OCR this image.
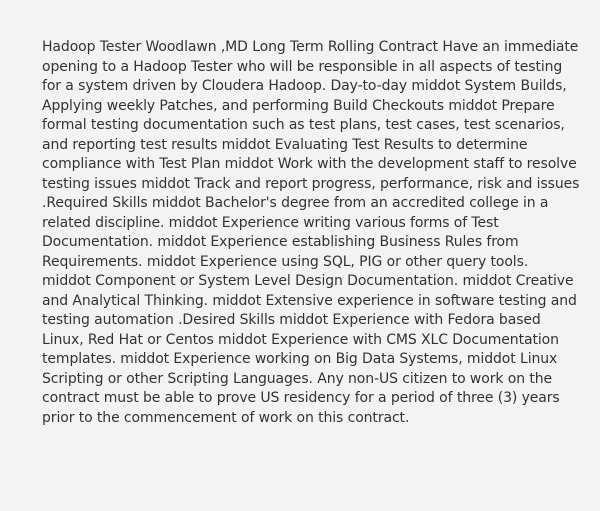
Hadoop Tester Woodlawn ,MD Long Term Rolling Contract Have an immediate opening to a Hadoop Tester who will be responsible in all aspects of testing for a system driven by Cloudera Hadoop. Day-to-day middot System Builds, Applying weekly Patches, and performing Build Checkouts middot Prepare formal testing documentation such as test plans, test cases, test scenarios, and reporting test results middot Evaluating Test Results to determine compliance with Test Plan middot Work with the development staff to resolve testing issues middot Track and report progress, performance, risk and issues .Required Skills middot Bachelor's degree from an accredited college in a related discipline. middot Experience writing various forms of Test Documentation. middot Experience establishing Business Rules from Requirements. middot Experience using SQL, PIG or other query tools. middot Component or System Level Design Documentation. middot Creative and Analytical Thinking. middot Extensive experience in software testing and testing automation .Desired Skills middot Experience with Fedora based Linux, Red Hat or Centos middot Experience with CMS XLC Documentation templates. middot Experience working on Big Data Systems, middot Linux Scripting or other Scripting Languages. Any non-US citizen to work on the contract must be able to prove US residency for a period of three (3) years prior to the commencement of work on this contract.
